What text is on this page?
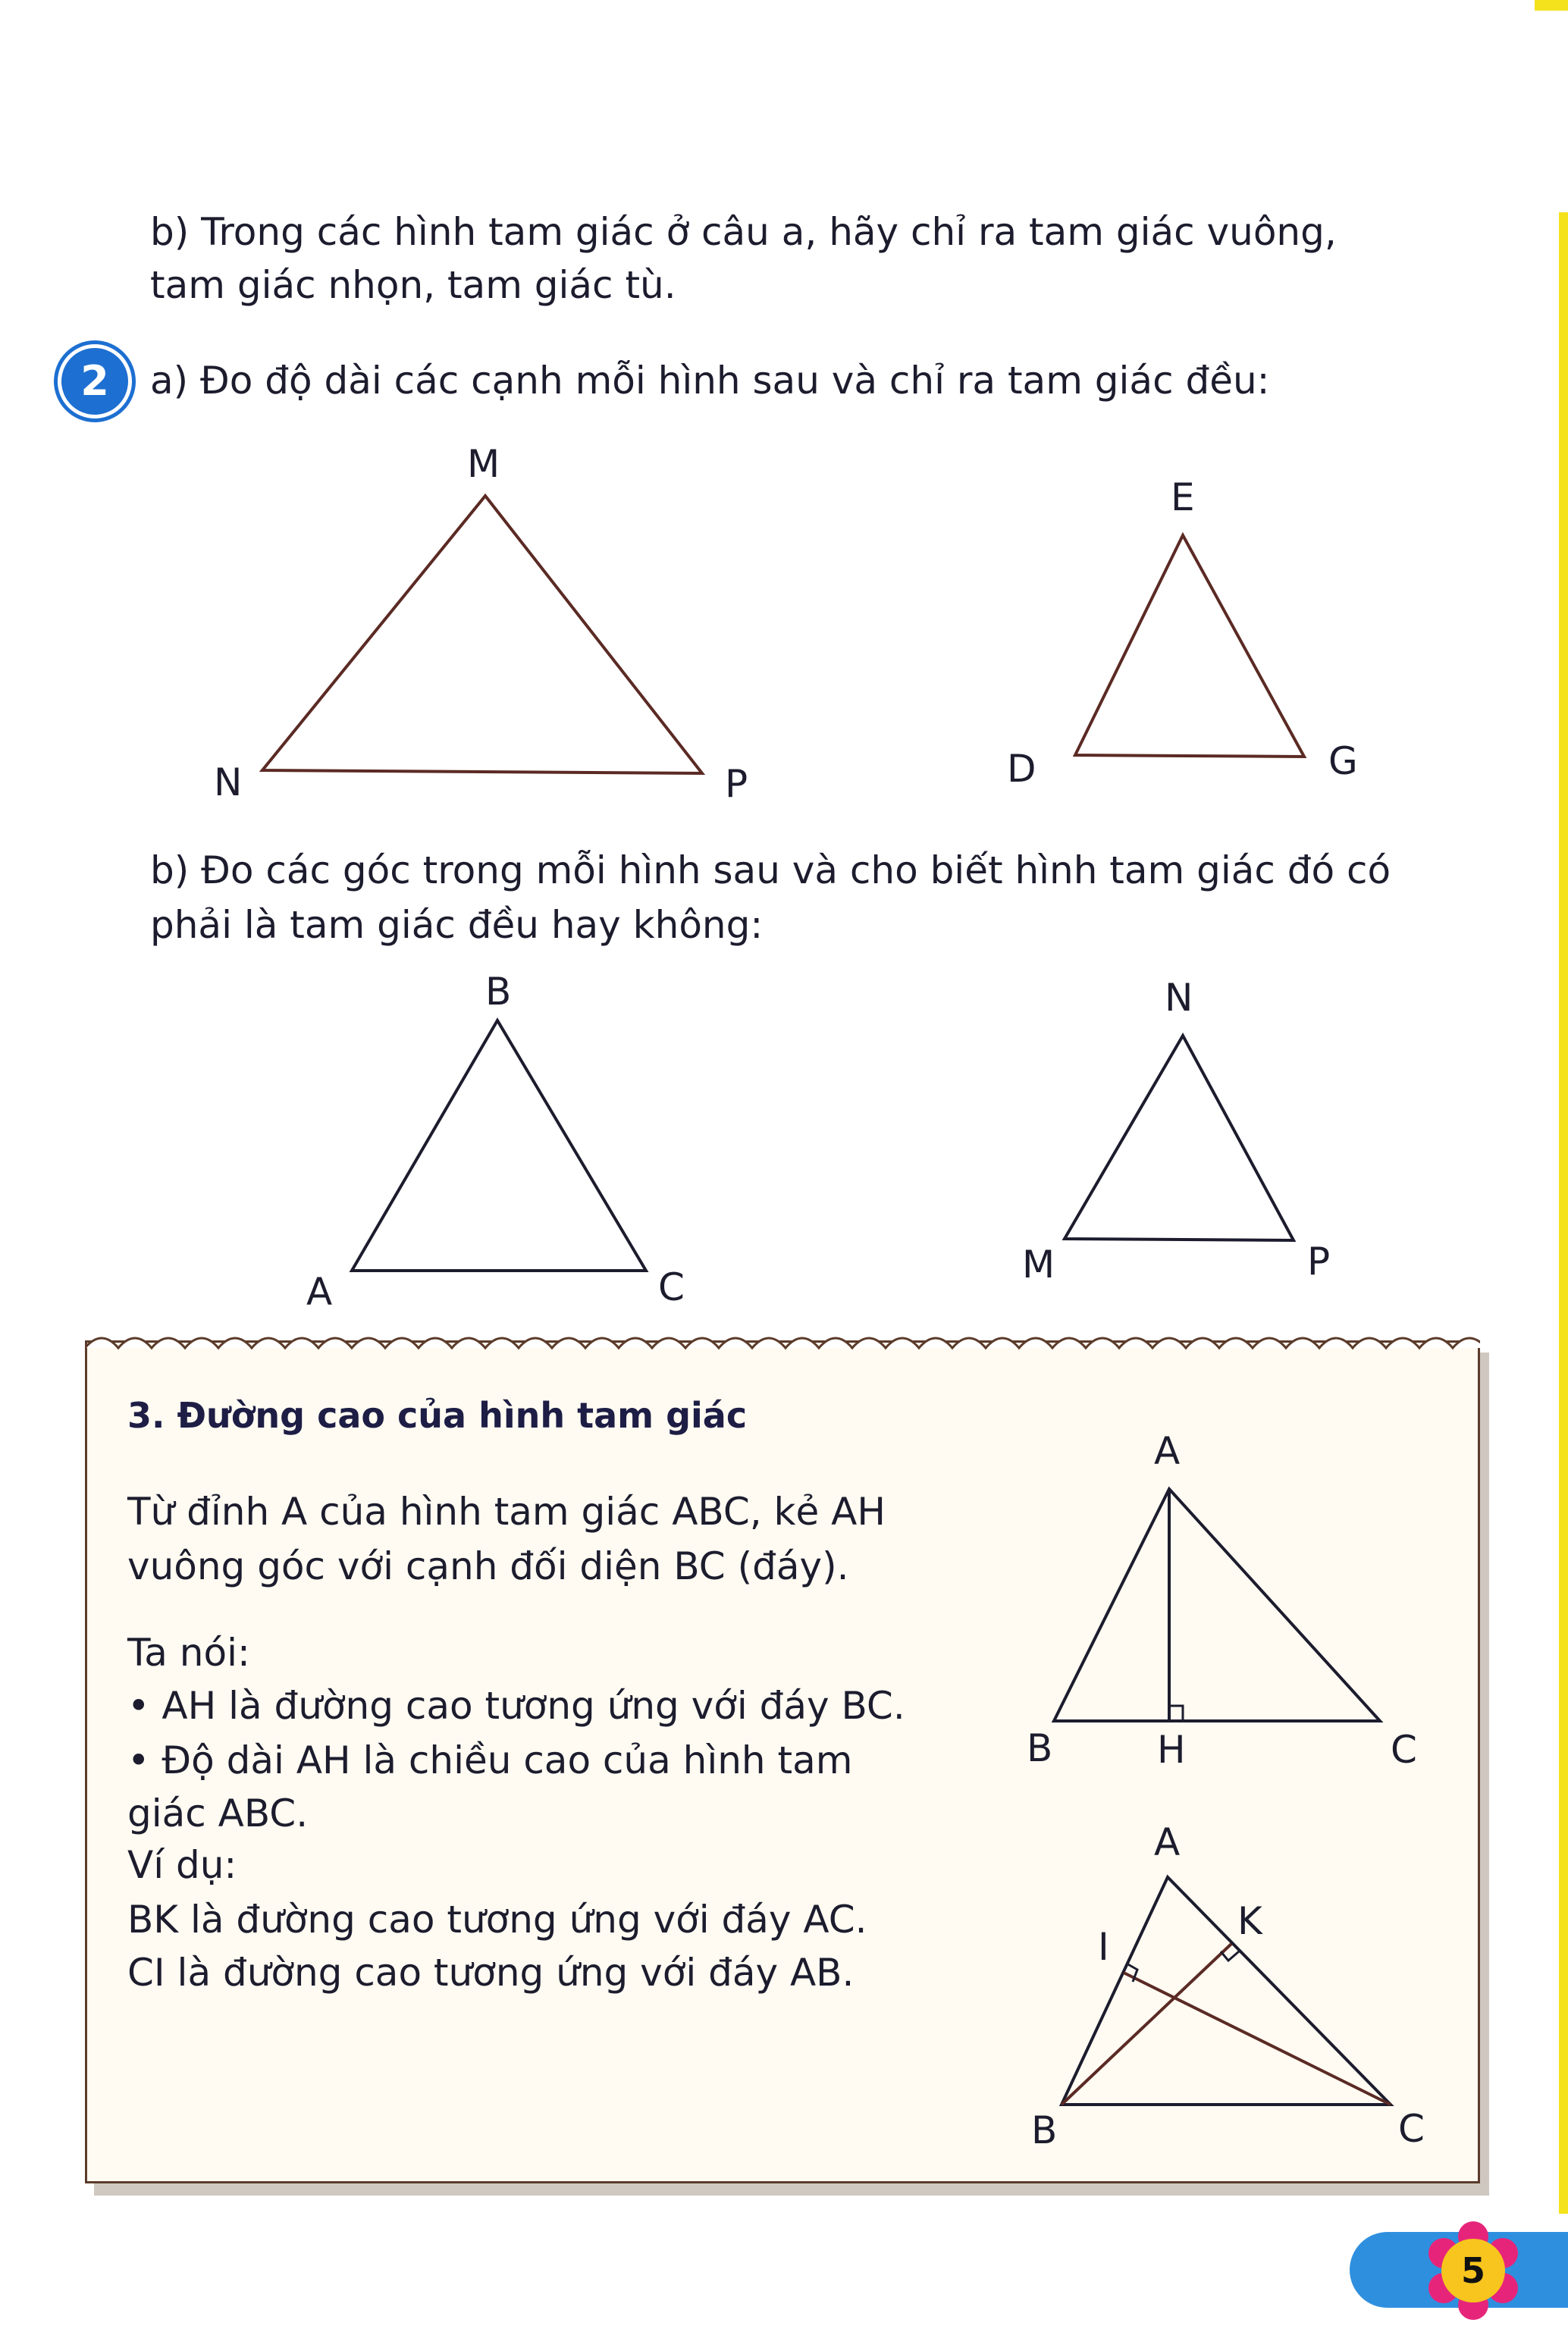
b) Trong các hình tam giác ở câu a, hãy chỉ ra tam giác vuông,
tam giác nhọn, tam giác tù.
2	a) Đo độ dài các cạnh mỗi hình sau và chỉ ra tam giác đều:
M
N	P
E
D	G
b) Đo các góc trong mỗi hình sau và cho biết hình tam giác đó có
phải là tam giác đều hay không:
B
A	C
N
M	P
3. Đường cao của hình tam giác
Từ đỉnh A của hình tam giác ABC, kẻ AH
vuông góc với cạnh đối diện BC (đáy).
Ta nói:
• AH là đường cao tương ứng với đáy BC.
• Độ dài AH là chiều cao của hình tam
giác ABC.
Ví dụ:
BK là đường cao tương ứng với đáy AC.
CI là đường cao tương ứng với đáy AB.
A
B	H	C
A
I
K
B	C
5
